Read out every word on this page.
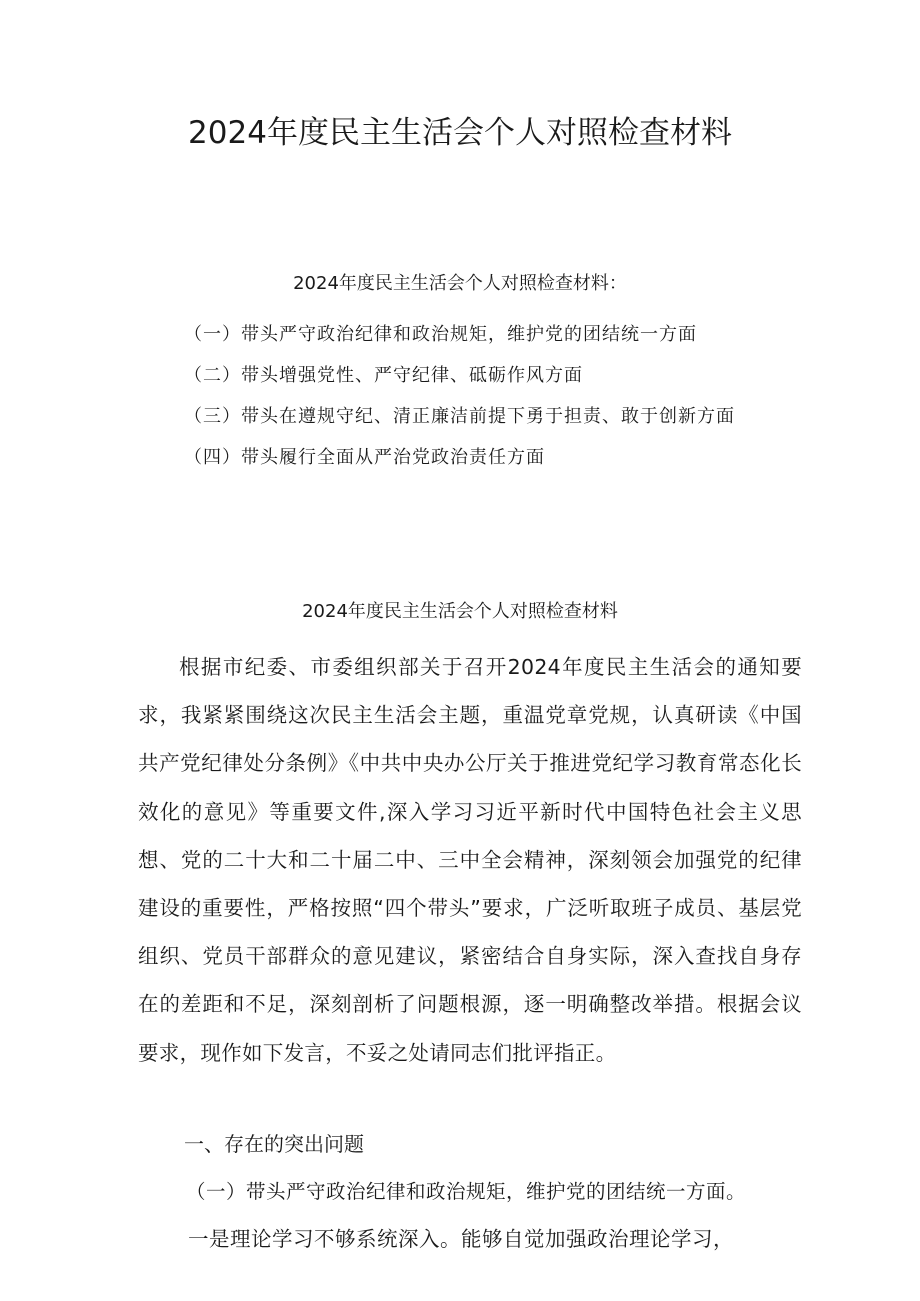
2024年度民主生活会个人对照检查材料

2024年度民主生活会个人对照检查材料：

（一）带头严守政治纪律和政治规矩，维护党的团结统一方面
（二）带头增强党性、严守纪律、砥砺作风方面
（三）带头在遵规守纪、清正廉洁前提下勇于担责、敢于创新方面
（四）带头履行全面从严治党政治责任方面

2024年度民主生活会个人对照检查材料

根据市纪委、市委组织部关于召开2024年度民主生活会的通知要求，我紧紧围绕这次民主生活会主题，重温党章党规，认真研读《中国共产党纪律处分条例》《中共中央办公厅关于推进党纪学习教育常态化长效化的意见》等重要文件,深入学习习近平新时代中国特色社会主义思想、党的二十大和二十届二中、三中全会精神，深刻领会加强党的纪律建设的重要性，严格按照“四个带头”要求，广泛听取班子成员、基层党组织、党员干部群众的意见建议，紧密结合自身实际，深入查找自身存在的差距和不足，深刻剖析了问题根源，逐一明确整改举措。根据会议要求，现作如下发言，不妥之处请同志们批评指正。

一、存在的突出问题

（一）带头严守政治纪律和政治规矩，维护党的团结统一方面。

一是理论学习不够系统深入。能够自觉加强政治理论学习，
